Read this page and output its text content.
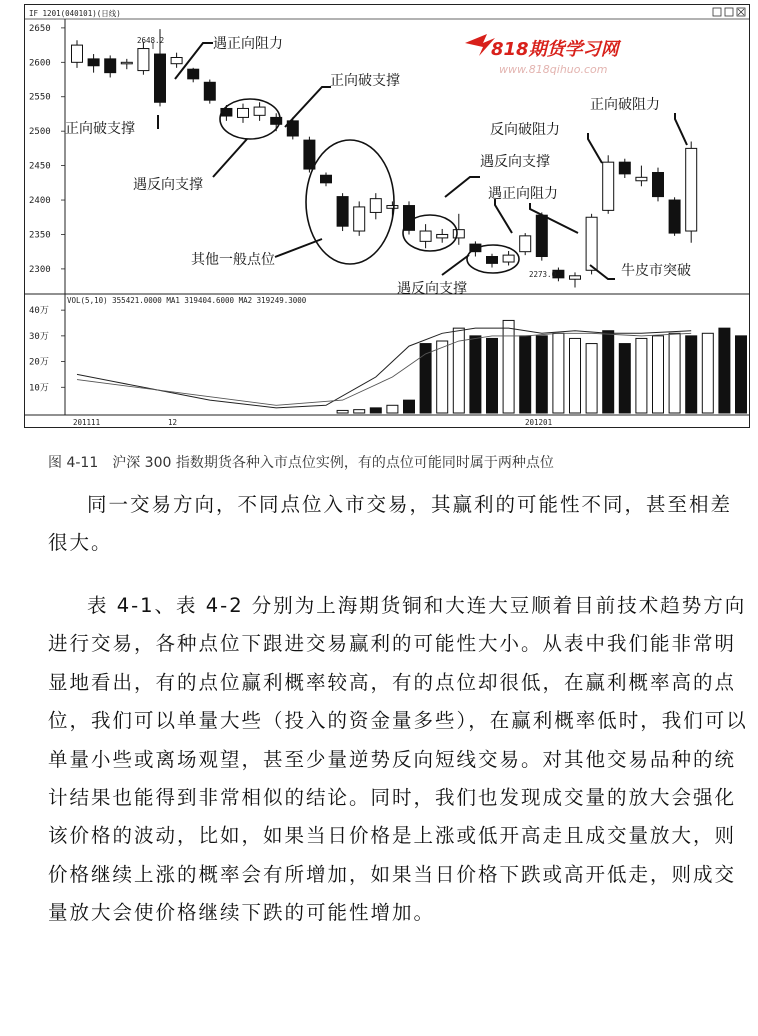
IF 1201(040101)(日线)
2650
2600
2550
2500
2450
2400
2350
2300
818期货学习网
www.818qihuo.com
2648.2
2273.0
遇正向阻力
正向破支撑
遇反向支撑
正向破支撑
其他一般点位
遇反向支撑
遇反向支撑
反向破阻力
遇正向阻力
正向破阻力
牛皮市突破
VOL(5,10) 355421.0000 MA1 319404.6000 MA2 319249.3000
40万
30万
20万
10万
201111	12	201201
图 4-11　沪深 300 指数期货各种入市点位实例，有的点位可能同时属于两种点位

同一交易方向，不同点位入市交易，其赢利的可能性不同，甚至相差很大。

表 4-1、表 4-2 分别为上海期货铜和大连大豆顺着目前技术趋势方向进行交易，各种点位下跟进交易赢利的可能性大小。从表中我们能非常明显地看出，有的点位赢利概率较高，有的点位却很低，在赢利概率高的点位，我们可以单量大些（投入的资金量多些），在赢利概率低时，我们可以单量小些或离场观望，甚至少量逆势反向短线交易。对其他交易品种的统计结果也能得到非常相似的结论。同时，我们也发现成交量的放大会强化该价格的波动，比如，如果当日价格是上涨或低开高走且成交量放大，则价格继续上涨的概率会有所增加，如果当日价格下跌或高开低走，则成交量放大会使价格继续下跌的可能性增加。
